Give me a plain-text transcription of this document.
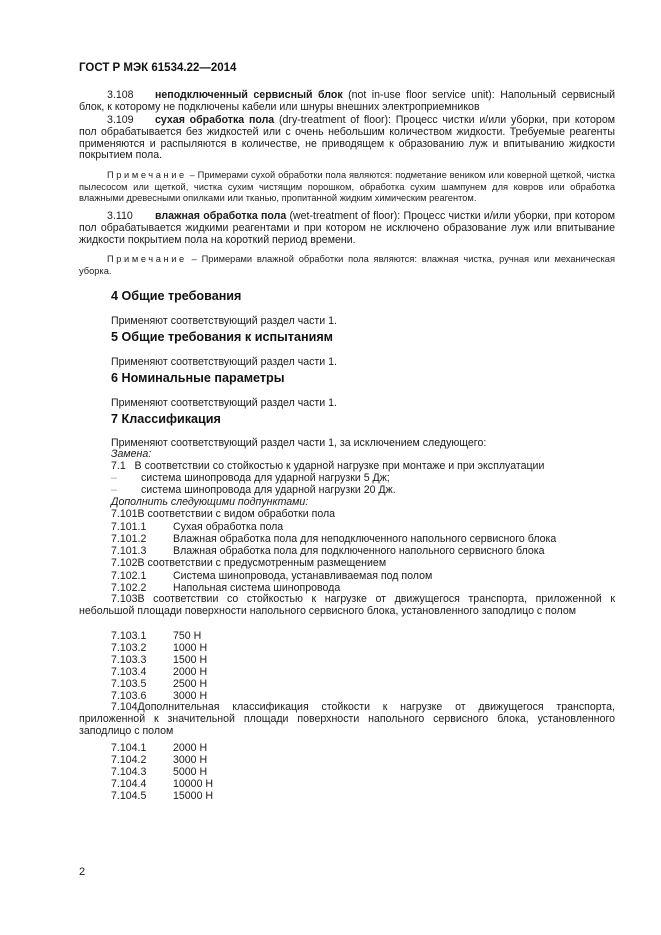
ГОСТ Р МЭК 61534.22—2014

3.108 неподключенный сервисный блок (not in-use floor service unit): Напольный сервисный блок, к которому не подключены кабели или шнуры внешних электроприемников

3.109 сухая обработка пола (dry-treatment of floor): Процесс чистки и/или уборки, при котором пол обрабатывается без жидкостей или с очень небольшим количеством жидкости. Требуемые реагенты применяются и распыляются в количестве, не приводящем к образованию луж и впитыванию жидкости покрытием пола.

Примечание – Примерами сухой обработки пола являются: подметание веником или коверной щеткой, чистка пылесосом или щеткой, чистка сухим чистящим порошком, обработка сухим шампунем для ковров или обработка влажными древесными опилками или тканью, пропитанной жидким химическим реагентом.

3.110 влажная обработка пола (wet-treatment of floor): Процесс чистки и/или уборки, при котором пол обрабатывается жидкими реагентами и при котором не исключено образование луж или впитывание жидкости покрытием пола на короткий период времени.

Примечание – Примерами влажной обработки пола являются: влажная чистка, ручная или механическая уборка.

4 Общие требования
Применяют соответствующий раздел части 1.
5 Общие требования к испытаниям
Применяют соответствующий раздел части 1.
6 Номинальные параметры
Применяют соответствующий раздел части 1.
7 Классификация
Применяют соответствующий раздел части 1, за исключением следующего:
Замена:
7.1   В соответствии со стойкостью к ударной нагрузке при монтаже и при эксплуатации
– система шинопровода для ударной нагрузки 5 Дж;
– система шинопровода для ударной нагрузки 20 Дж.
Дополнить следующими подпунктами:
7.101В соответствии с видом обработки пола
7.101.1	Сухая обработка пола
7.101.2	Влажная обработка пола для неподключенного напольного сервисного блока
7.101.3	Влажная обработка пола для подключенного напольного сервисного блока
7.102В соответствии с предусмотренным размещением
7.102.1	Система шинопровода, устанавливаемая под полом
7.102.2	Напольная система шинопровода

7.103В соответствии со стойкостью к нагрузке от движущегося транспорта, приложенной к небольшой площади поверхности напольного сервисного блока, установленного заподлицо с полом

7.103.1	750 Н
7.103.2	1000 Н
7.103.3	1500 Н
7.103.4	2000 Н
7.103.5	2500 Н
7.103.6	3000 Н

7.104Дополнительная классификация стойкости к нагрузке от движущегося транспорта, приложенной к значительной площади поверхности напольного сервисного блока, установленного заподлицо с полом

7.104.1	2000 Н
7.104.2	3000 Н
7.104.3	5000 Н
7.104.4	10000 Н
7.104.5	15000 Н
2
